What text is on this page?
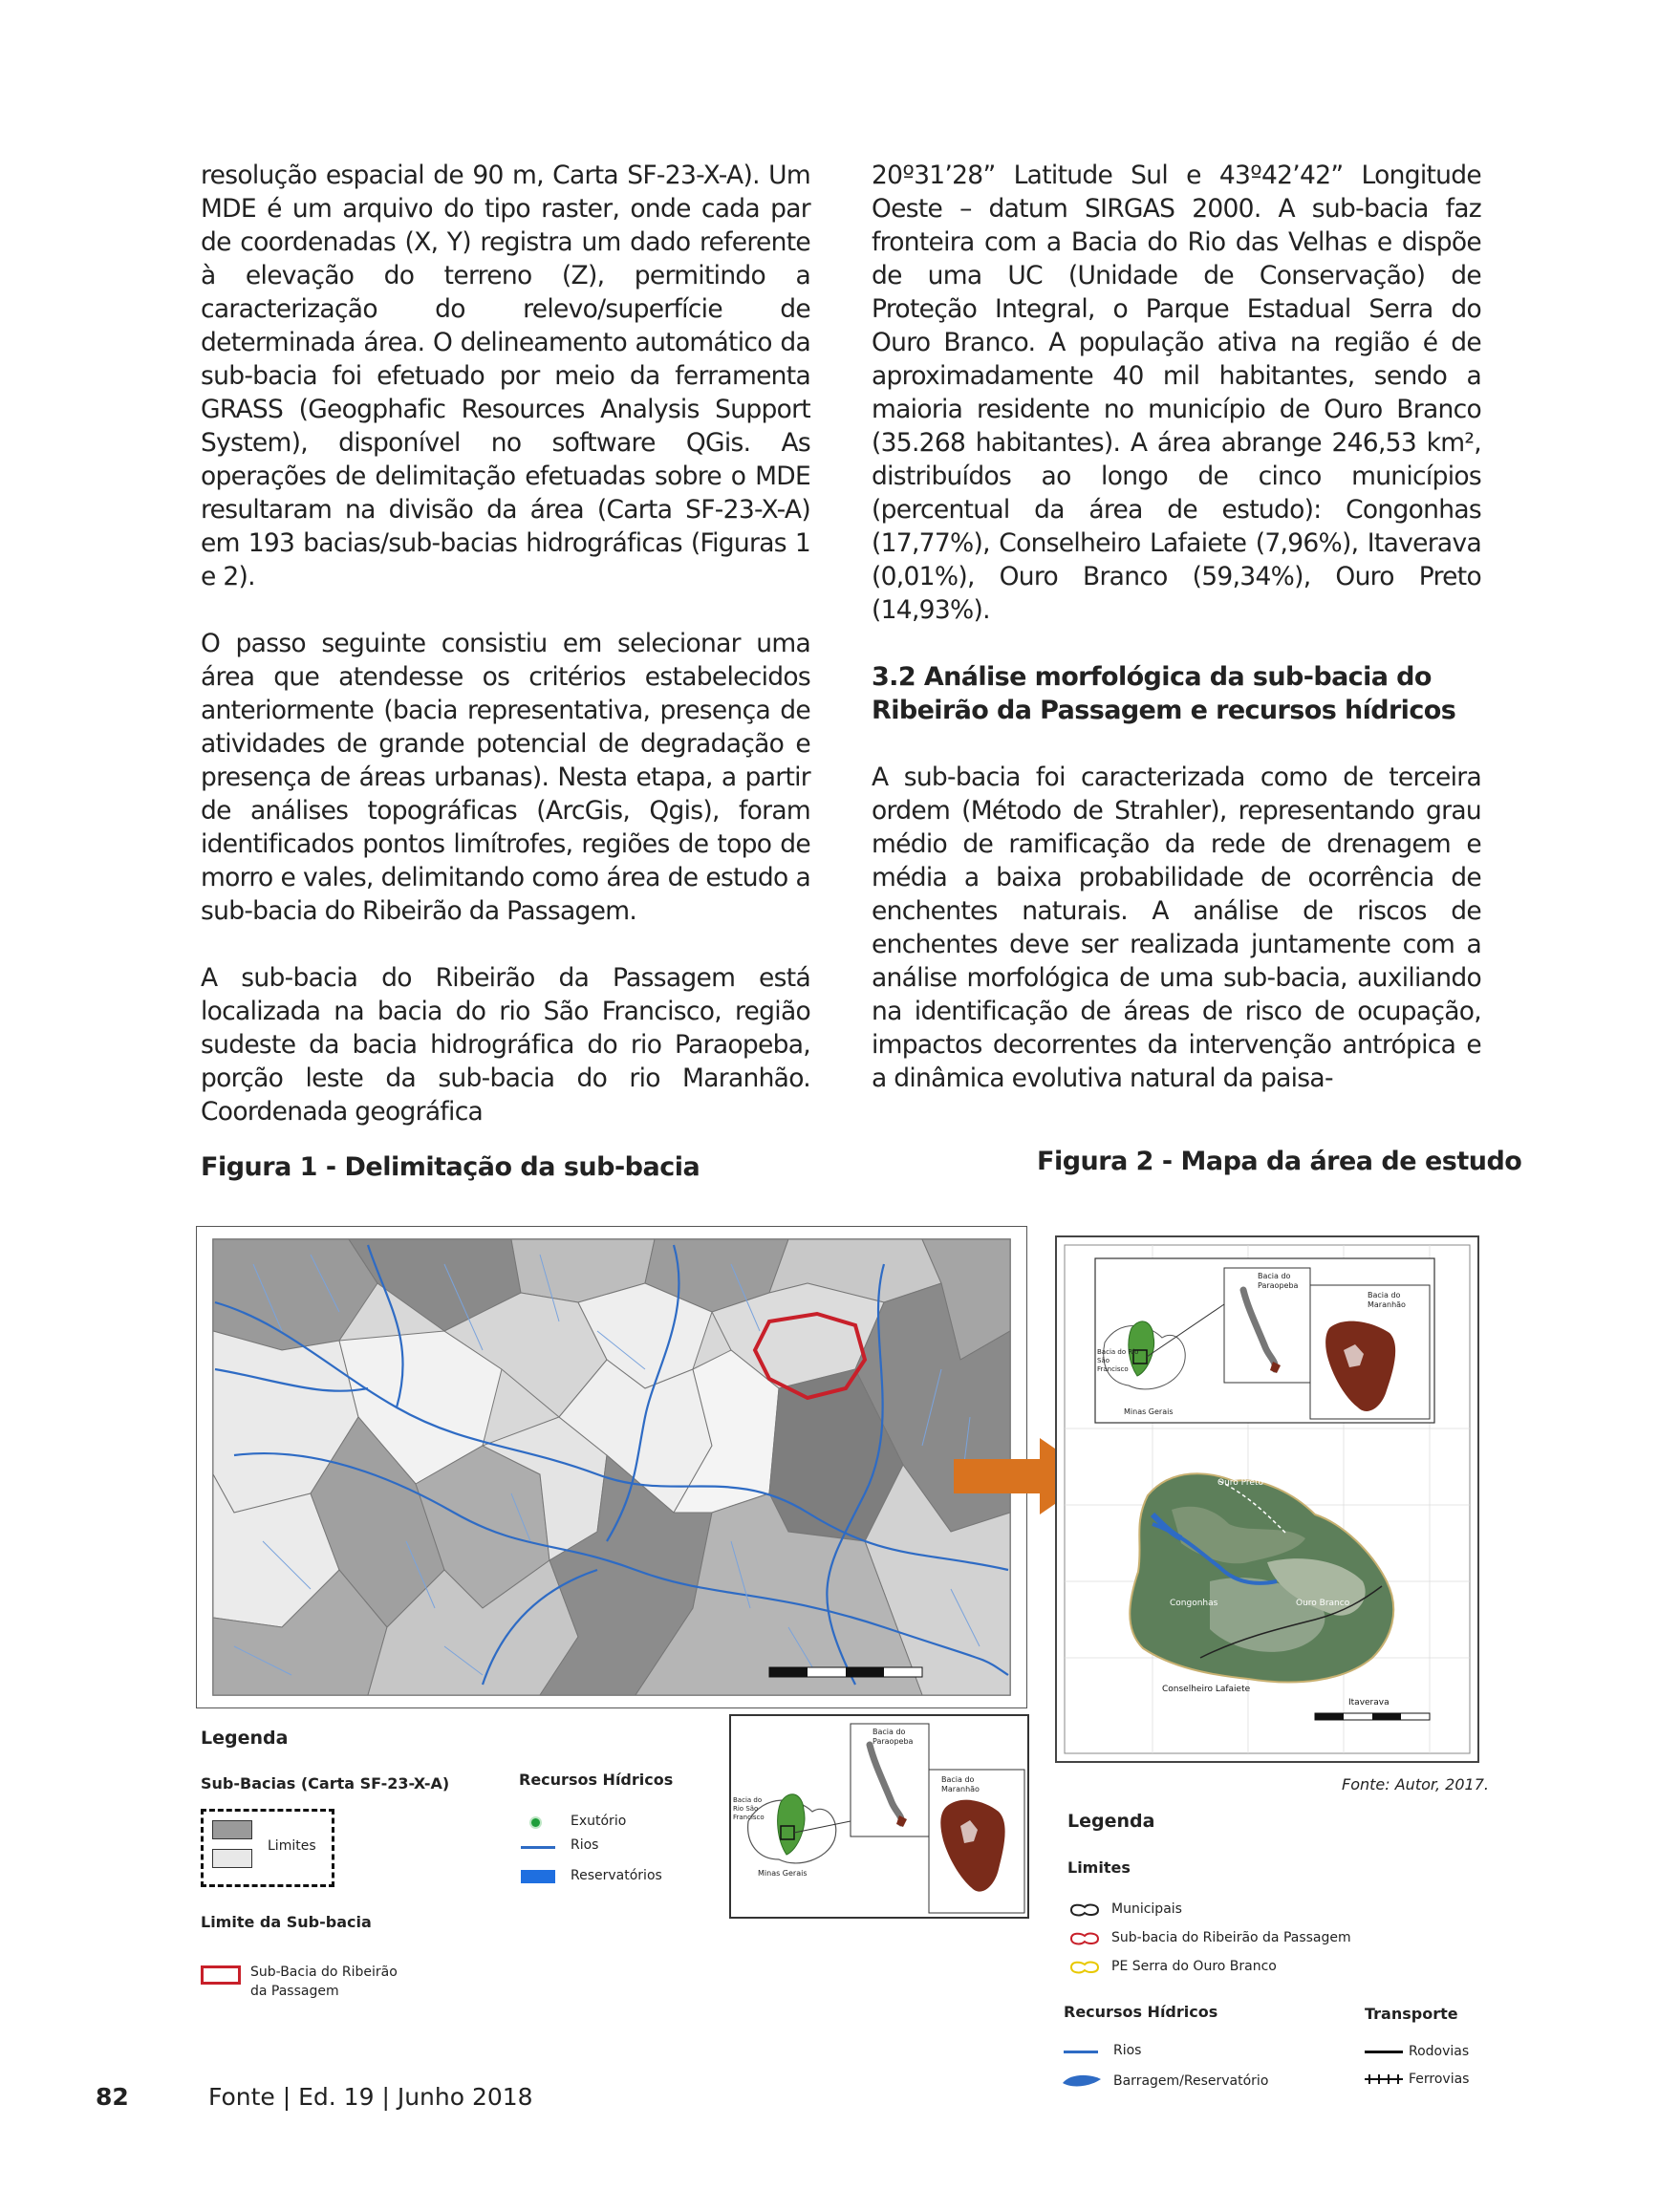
resolução espacial de 90 m, Carta SF-23-X-A). Um MDE é um arquivo do tipo raster, onde cada par de coordenadas (X, Y) registra um dado referente à elevação do terreno (Z), permitindo a caracterização do relevo/superfície de determinada área. O delineamento automático da sub-bacia foi efetuado por meio da ferramenta GRASS (Geogphafic Resources Analysis Support System), disponível no software QGis. As operações de delimitação efetuadas sobre o MDE resultaram na divisão da área (Carta SF-23-X-A) em 193 bacias/sub-bacias hidrográficas (Figuras 1 e 2).

O passo seguinte consistiu em selecionar uma área que atendesse os critérios estabelecidos anteriormente (bacia representativa, presença de atividades de grande potencial de degradação e presença de áreas urbanas). Nesta etapa, a partir de análises topográficas (ArcGis, Qgis), foram identificados pontos limítrofes, regiões de topo de morro e vales, delimitando como área de estudo a sub-bacia do Ribeirão da Passagem.

A sub-bacia do Ribeirão da Passagem está localizada na bacia do rio São Francisco, região sudeste da bacia hidrográfica do rio Paraopeba, porção leste da sub-bacia do rio Maranhão. Coordenada geográfica

20º31’28” Latitude Sul e 43º42’42” Longitude Oeste – datum SIRGAS 2000. A sub-bacia faz fronteira com a Bacia do Rio das Velhas e dispõe de uma UC (Unidade de Conservação) de Proteção Integral, o Parque Estadual Serra do Ouro Branco. A população ativa na região é de aproximadamente 40 mil habitantes, sendo a maioria residente no município de Ouro Branco (35.268 habitantes). A área abrange 246,53 km², distribuídos ao longo de cinco municípios (percentual da área de estudo): Congonhas (17,77%), Conselheiro Lafaiete (7,96%), Itaverava (0,01%), Ouro Branco (59,34%), Ouro Preto (14,93%).

3.2 Análise morfológica da sub-bacia do Ribeirão da Passagem e recursos hídricos

A sub-bacia foi caracterizada como de terceira ordem (Método de Strahler), representando grau médio de ramificação da rede de drenagem e média a baixa probabilidade de ocorrência de enchentes naturais. A análise de riscos de enchentes deve ser realizada juntamente com a análise morfológica de uma sub-bacia, auxiliando na identificação de áreas de risco de ocupação, impactos decorrentes da intervenção antrópica e a dinâmica evolutiva natural da paisa-

Figura 1 - Delimitação da sub-bacia	Figura 2 - Mapa da área de estudo
Legenda
Sub-Bacias (Carta SF-23-X-A)
Limites
Limite da Sub-bacia
Sub-Bacia do Ribeirão da Passagem
Recursos Hídricos
Exutório
Rios
Reservatórios
Bacia do Rio São Francisco
Minas Gerais
Bacia do Paraopeba
Bacia do Maranhão
Ouro Preto
Congonhas	Ouro Branco
Conselheiro Lafaiete
Itaverava
Bacia do Rio São Francisco
Minas Gerais
Bacia do Paraopeba
Bacia do Maranhão
Fonte: Autor, 2017.
Legenda
Limites
Municipais
Sub-bacia do Ribeirão da Passagem
PE Serra do Ouro Branco
Recursos Hídricos
Rios
Barragem/Reservatório
Transporte
Rodovias
Ferrovias
82	Fonte | Ed. 19 | Junho 2018
